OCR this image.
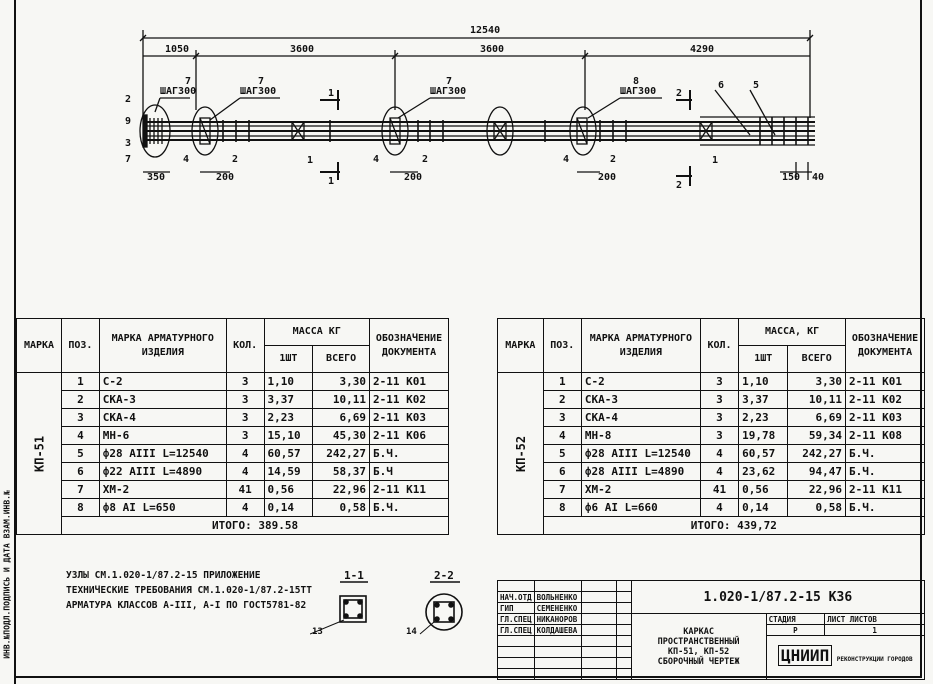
ИНВ.№ПОДЛ.ПОДПИСЬ И ДАТА ВЗАМ.ИНВ.№
12540
1050	3600	3600	4290
ШАГ300	ШАГ300	ШАГ300	ШАГ300
7	7	7	8
2
9
3
7	4	2	4	2	4	2
6	5
1	1
1
1
2
2
350	200	200	200	150 40
МАРКА	ПОЗ.	МАРКА АРМАТУРНОГО ИЗДЕЛИЯ	КОЛ.	МАССА КГ		ОБОЗНАЧЕНИЕ ДОКУМЕНТА
				1ШТ	ВСЕГО	
КП-51	1	С-2	3	1,10	3,30	2-11 К01
	2	СКА-3	3	3,37	10,11	2-11 К02
	3	СКА-4	3	2,23	6,69	2-11 К03
	4	МН-6	3	15,10	45,30	2-11 К06
	5	ф28 АIII L=12540	4	60,57	242,27	Б.Ч.
	6	ф22 АIII L=4890	4	14,59	58,37	Б.Ч
	7	ХМ-2	41	0,56	22,96	2-11 К11
	8	ф8 АI L=650	4	0,14	0,58	Б.Ч.
	ИТОГО: 389.58					
МАРКА	ПОЗ.	МАРКА АРМАТУРНОГО ИЗДЕЛИЯ	КОЛ.	МАССА, КГ		ОБОЗНАЧЕНИЕ ДОКУМЕНТА
				1ШТ	ВСЕГО	
КП-52	1	С-2	3	1,10	3,30	2-11 К01
	2	СКА-3	3	3,37	10,11	2-11 К02
	3	СКА-4	3	2,23	6,69	2-11 К03
	4	МН-8	3	19,78	59,34	2-11 К08
	5	ф28 АIII L=12540	4	60,57	242,27	Б.Ч.
	6	ф28 АIII L=4890	4	23,62	94,47	Б.Ч.
	7	ХМ-2	41	0,56	22,96	2-11 К11
	8	ф6 АI L=660	4	0,14	0,58	Б.Ч.
	ИТОГО: 439,72					
УЗЛЫ СМ.1.020-1/87.2-15 ПРИЛОЖЕНИЕ
ТЕХНИЧЕСКИЕ ТРЕБОВАНИЯ СМ.1.020-1/87.2-15ТТ
АРМАТУРА КЛАССОВ А-III, А-I ПО ГОСТ5781-82
1-1	2-2
13	14
				1.020-1/87.2-15 К36		
НАЧ.ОТД	ВОЛЬНЕНКО					
ГИП	СЕМЕНЕНКО					
ГЛ.СПЕЦ	НИКАНОРОВ			КАРКАС
ПРОСТРАНСТВЕННЫЙ
КП-51, КП-52
СБОРОЧНЫЙ ЧЕРТЕЖ	СТАДИЯ	ЛИСТ ЛИСТОВ
ГЛ.СПЕЦ	КОЛДАШЕВА				Р	1
					ЦНИИП РЕКОНСТРУКЦИИ ГОРОДОВ	
